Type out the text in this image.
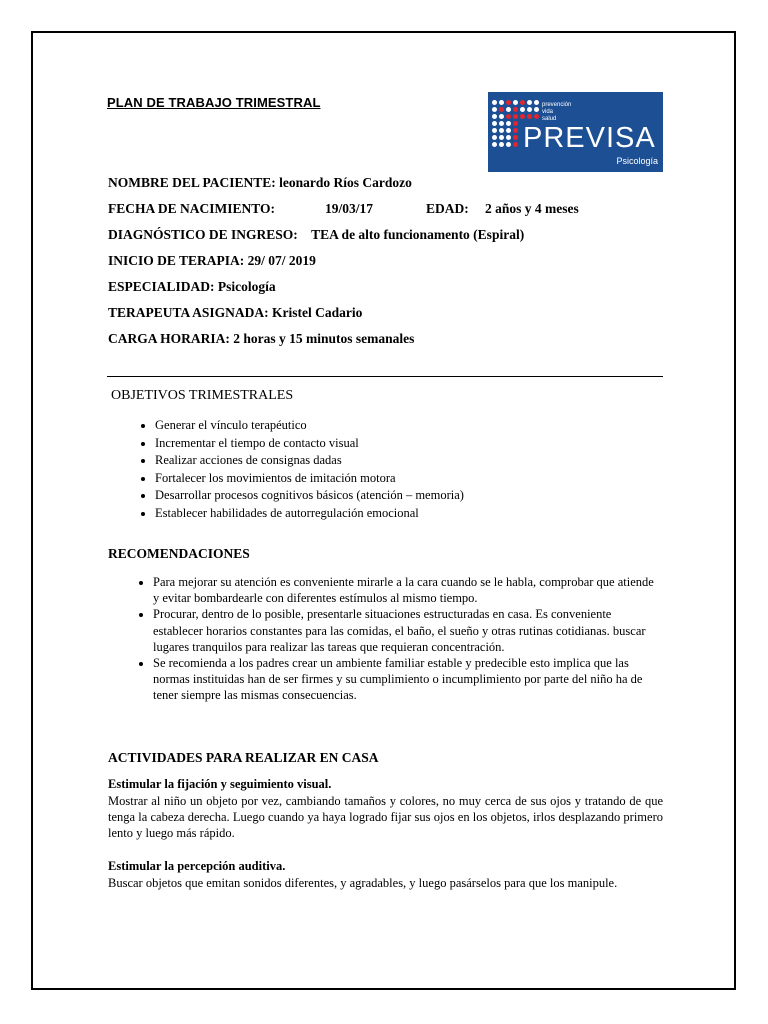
PLAN DE TRABAJO TRIMESTRAL	prevención
vida
salud
PREVISA
Psicología
NOMBRE DEL PACIENTE: leonardo Ríos Cardozo
FECHA DE NACIMIENTO:	19/03/17	EDAD: 2 años y 4 meses
DIAGNÓSTICO DE INGRESO: TEA de alto funcionamento (Espiral)
INICIO DE TERAPIA: 29/ 07/ 2019
ESPECIALIDAD: Psicología
TERAPEUTA ASIGNADA: Kristel Cadario
CARGA HORARIA: 2 horas y 15 minutos semanales
OBJETIVOS TRIMESTRALES
• Generar el vínculo terapéutico
• Incrementar el tiempo de contacto visual
• Realizar acciones de consignas dadas
• Fortalecer los movimientos de imitación motora
• Desarrollar procesos cognitivos básicos (atención – memoria)
• Establecer habilidades de autorregulación emocional
RECOMENDACIONES
• Para mejorar su atención es conveniente mirarle a la cara cuando se le habla, comprobar que atiende y evitar bombardearle con diferentes estímulos al mismo tiempo.
• Procurar, dentro de lo posible, presentarle situaciones estructuradas en casa. Es conveniente establecer horarios constantes para las comidas, el baño, el sueño y otras rutinas cotidianas. buscar lugares tranquilos para realizar las tareas que requieran concentración.
• Se recomienda a los padres crear un ambiente familiar estable y predecible esto implica que las normas instituidas han de ser firmes y su cumplimiento o incumplimiento por parte del niño ha de tener siempre las mismas consecuencias.
ACTIVIDADES PARA REALIZAR EN CASA
Estimular la fijación y seguimiento visual.
Mostrar al niño un objeto por vez, cambiando tamaños y colores, no muy cerca de sus ojos y tratando de que tenga la cabeza derecha. Luego cuando ya haya logrado fijar sus ojos en los objetos, irlos desplazando primero lento y luego más rápido.
Estimular la percepción auditiva.
Buscar objetos que emitan sonidos diferentes, y agradables, y luego pasárselos para que los manipule.
